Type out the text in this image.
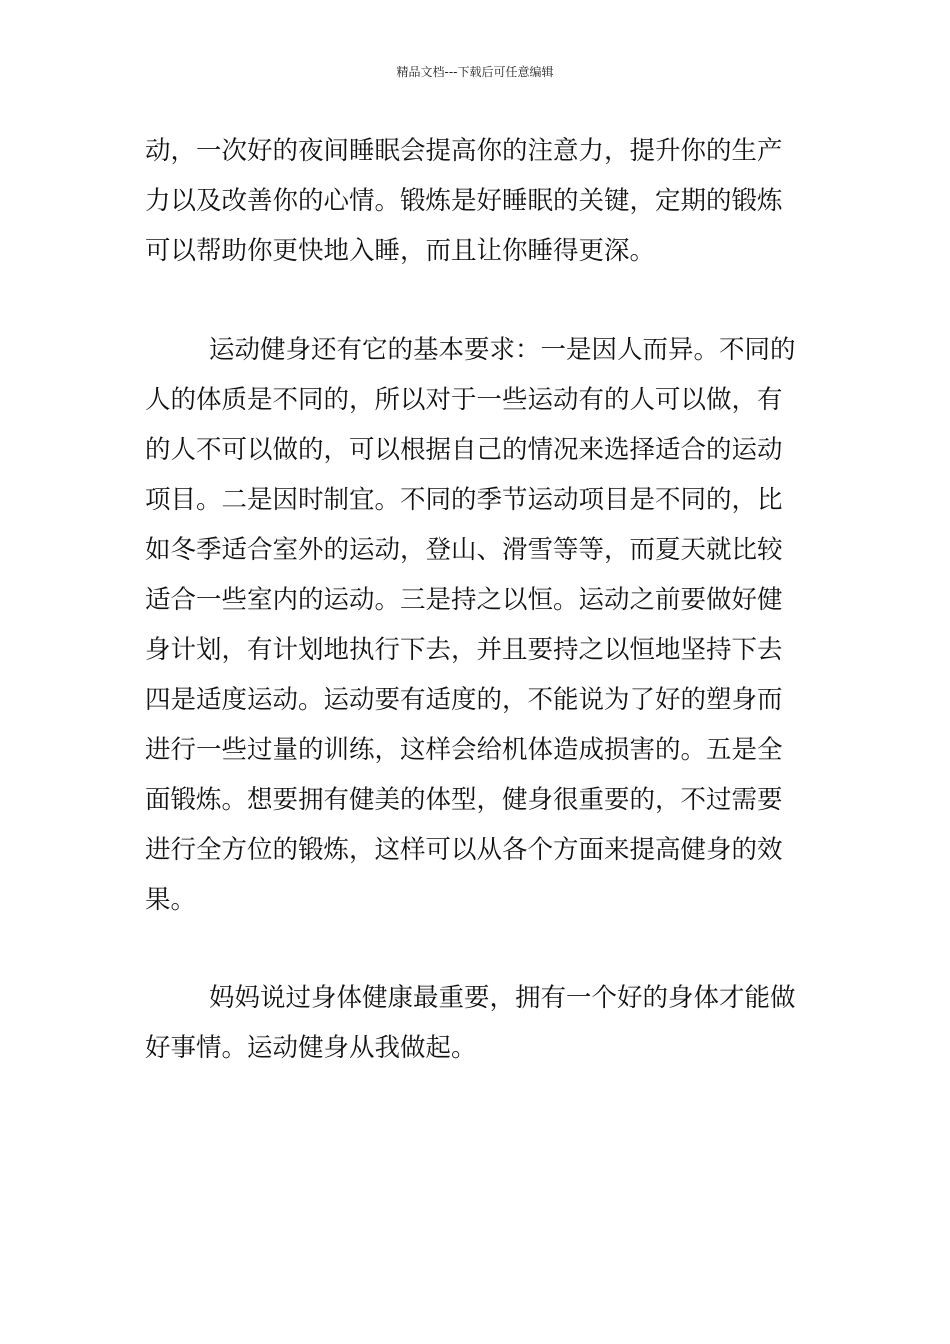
精品文档---下载后可任意编辑
动，一次好的夜间睡眠会提高你的注意力，提升你的生产
力以及改善你的心情。锻炼是好睡眠的关键，定期的锻炼
可以帮助你更快地入睡，而且让你睡得更深。
运动健身还有它的基本要求：一是因人而异。不同的
人的体质是不同的，所以对于一些运动有的人可以做，有
的人不可以做的，可以根据自己的情况来选择适合的运动
项目。二是因时制宜。不同的季节运动项目是不同的，比
如冬季适合室外的运动，登山、滑雪等等，而夏天就比较
适合一些室内的运动。三是持之以恒。运动之前要做好健
身计划，有计划地执行下去，并且要持之以恒地坚持下去
四是适度运动。运动要有适度的，不能说为了好的塑身而
进行一些过量的训练，这样会给机体造成损害的。五是全
面锻炼。想要拥有健美的体型，健身很重要的，不过需要
进行全方位的锻炼，这样可以从各个方面来提高健身的效
果。
妈妈说过身体健康最重要，拥有一个好的身体才能做
好事情。运动健身从我做起。
